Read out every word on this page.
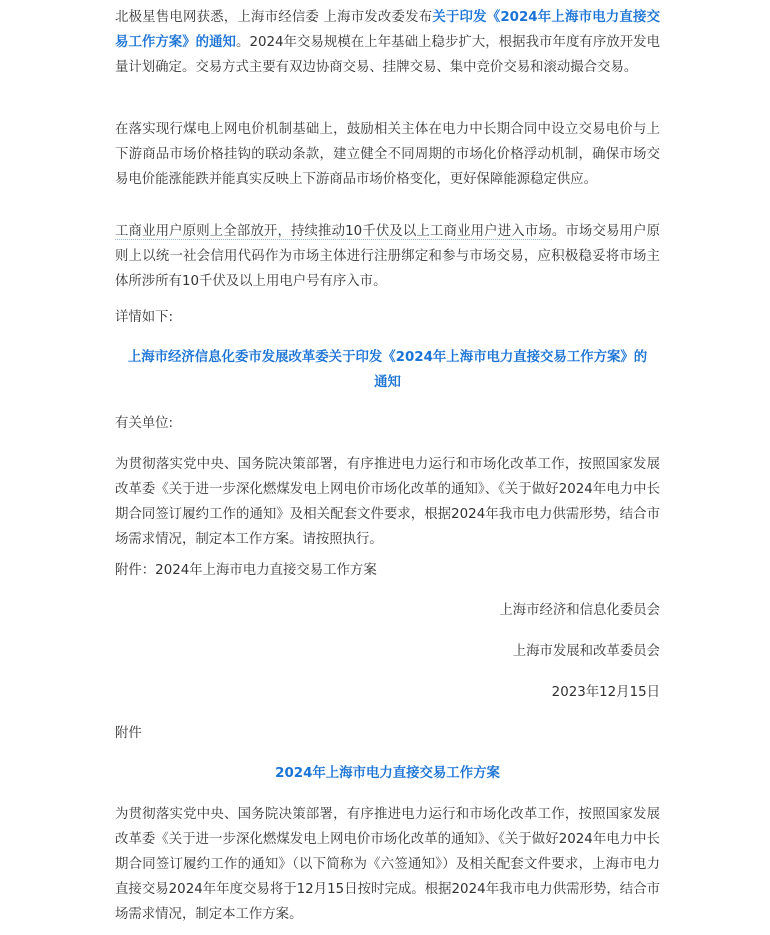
北极星售电网获悉，上海市经信委 上海市发改委发布关于印发《2024年上海市电力直接交易工作方案》的通知。2024年交易规模在上年基础上稳步扩大，根据我市年度有序放开发电量计划确定。交易方式主要有双边协商交易、挂牌交易、集中竞价交易和滚动撮合交易。

在落实现行煤电上网电价机制基础上，鼓励相关主体在电力中长期合同中设立交易电价与上下游商品市场价格挂钩的联动条款，建立健全不同周期的市场化价格浮动机制，确保市场交易电价能涨能跌并能真实反映上下游商品市场价格变化，更好保障能源稳定供应。

工商业用户原则上全部放开，持续推动10千伏及以上工商业用户进入市场。市场交易用户原则上以统一社会信用代码作为市场主体进行注册绑定和参与市场交易，应积极稳妥将市场主体所涉所有10千伏及以上用电户号有序入市。

详情如下:

上海市经济信息化委市发展改革委关于印发《2024年上海市电力直接交易工作方案》的通知

有关单位:

为贯彻落实党中央、国务院决策部署，有序推进电力运行和市场化改革工作，按照国家发展改革委《关于进一步深化燃煤发电上网电价市场化改革的通知》、《关于做好2024年电力中长期合同签订履约工作的通知》及相关配套文件要求，根据2024年我市电力供需形势，结合市场需求情况，制定本工作方案。请按照执行。

附件：2024年上海市电力直接交易工作方案

上海市经济和信息化委员会

上海市发展和改革委员会

2023年12月15日

附件

2024年上海市电力直接交易工作方案

为贯彻落实党中央、国务院决策部署，有序推进电力运行和市场化改革工作，按照国家发展改革委《关于进一步深化燃煤发电上网电价市场化改革的通知》、《关于做好2024年电力中长期合同签订履约工作的通知》（以下简称为《六签通知》）及相关配套文件要求，上海市电力直接交易2024年年度交易将于12月15日按时完成。根据2024年我市电力供需形势，结合市场需求情况，制定本工作方案。
